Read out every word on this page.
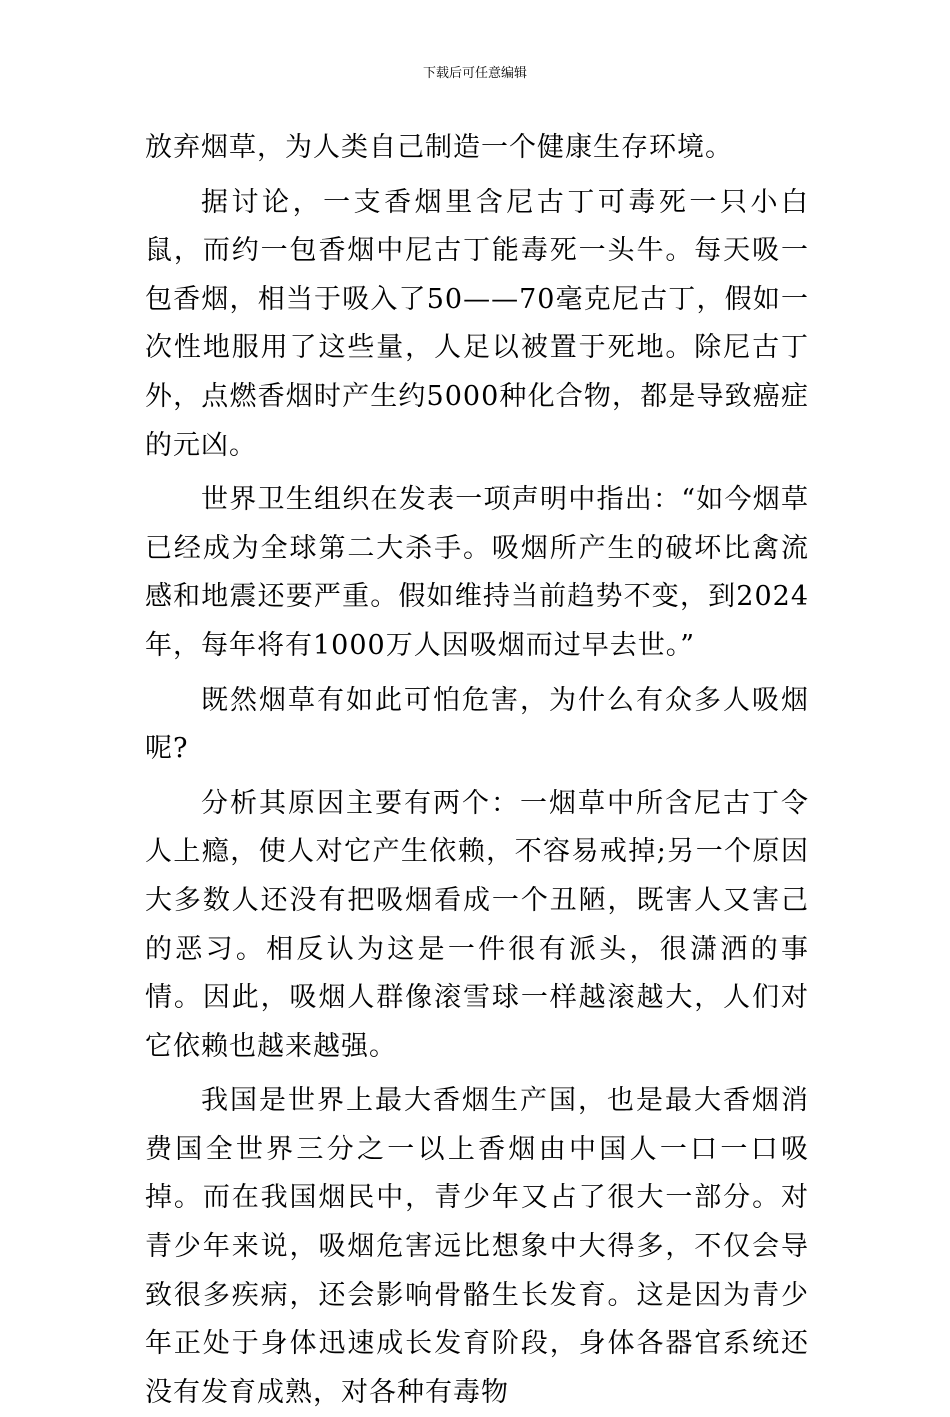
下载后可任意编辑

放弃烟草，为人类自己制造一个健康生存环境。

据讨论，一支香烟里含尼古丁可毒死一只小白鼠，而约一包香烟中尼古丁能毒死一头牛。每天吸一包香烟，相当于吸入了50——70毫克尼古丁，假如一次性地服用了这些量，人足以被置于死地。除尼古丁外，点燃香烟时产生约5000种化合物，都是导致癌症的元凶。

世界卫生组织在发表一项声明中指出：“如今烟草已经成为全球第二大杀手。吸烟所产生的破坏比禽流感和地震还要严重。假如维持当前趋势不变，到2024年，每年将有1000万人因吸烟而过早去世。”

既然烟草有如此可怕危害，为什么有众多人吸烟呢?

分析其原因主要有两个：一烟草中所含尼古丁令人上瘾，使人对它产生依赖，不容易戒掉;另一个原因大多数人还没有把吸烟看成一个丑陋，既害人又害己的恶习。相反认为这是一件很有派头，很潇洒的事情。因此，吸烟人群像滚雪球一样越滚越大，人们对它依赖也越来越强。

我国是世界上最大香烟生产国，也是最大香烟消费国全世界三分之一以上香烟由中国人一口一口吸掉。而在我国烟民中，青少年又占了很大一部分。对青少年来说，吸烟危害远比想象中大得多，不仅会导致很多疾病，还会影响骨骼生长发育。这是因为青少年正处于身体迅速成长发育阶段，身体各器官系统还没有发育成熟，对各种有毒物
